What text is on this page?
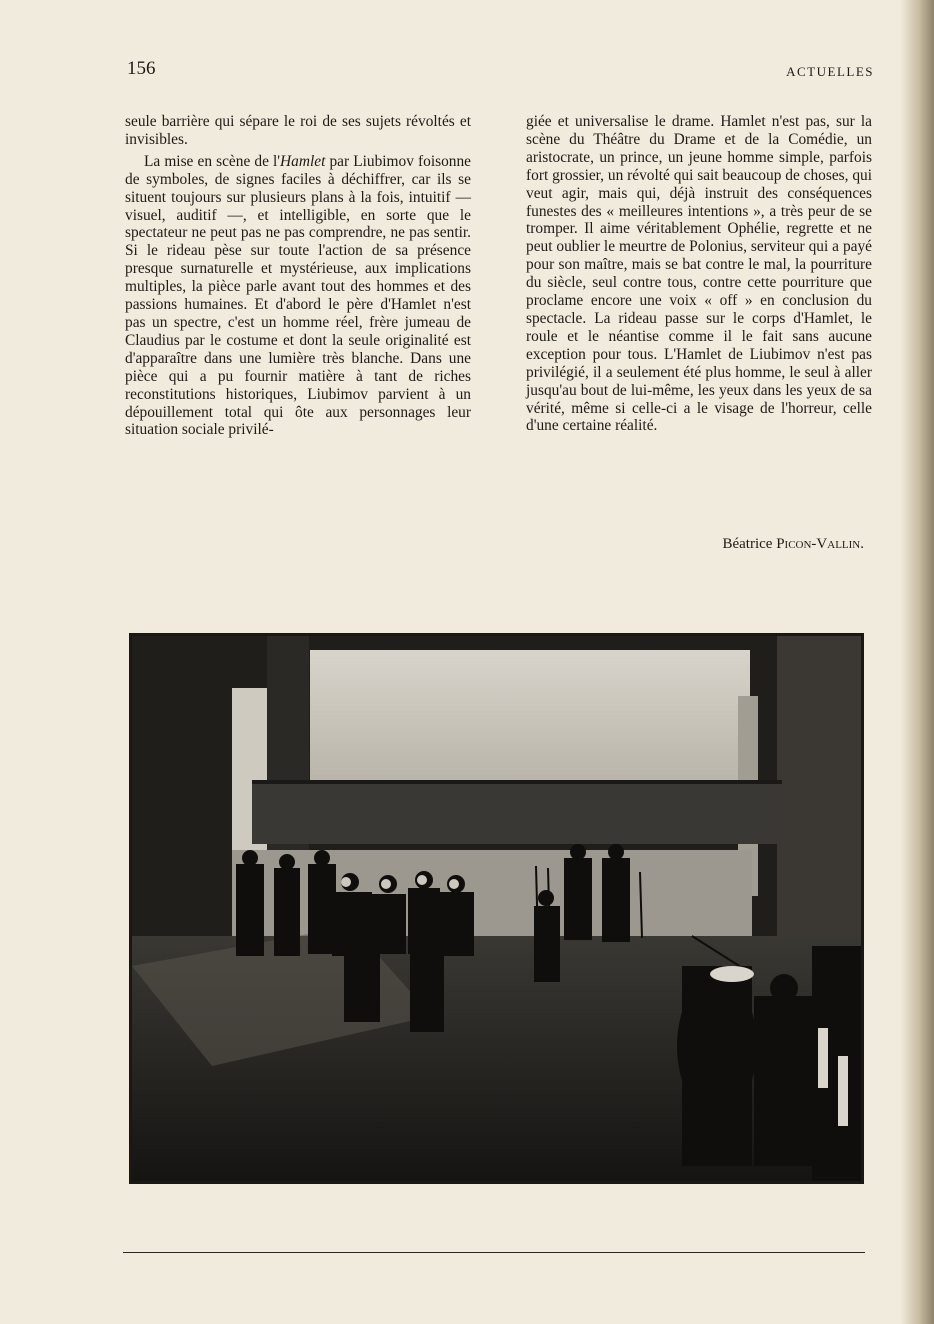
156	ACTUELLES

seule barrière qui sépare le roi de ses sujets révoltés et invisibles.

La mise en scène de l'Hamlet par Liubimov foisonne de symboles, de signes faciles à déchiffrer, car ils se situent toujours sur plusieurs plans à la fois, intuitif — visuel, auditif —, et intelligible, en sorte que le spectateur ne peut pas ne pas comprendre, ne pas sentir. Si le rideau pèse sur toute l'action de sa présence presque surnaturelle et mystérieuse, aux implications multiples, la pièce parle avant tout des hommes et des passions humaines. Et d'abord le père d'Hamlet n'est pas un spectre, c'est un homme réel, frère jumeau de Claudius par le costume et dont la seule originalité est d'apparaître dans une lumière très blanche. Dans une pièce qui a pu fournir matière à tant de riches reconstitutions historiques, Liubimov parvient à un dépouillement total qui ôte aux personnages leur situation sociale privilé-

giée et universalise le drame. Hamlet n'est pas, sur la scène du Théâtre du Drame et de la Comédie, un aristocrate, un prince, un jeune homme simple, parfois fort grossier, un révolté qui sait beaucoup de choses, qui veut agir, mais qui, déjà instruit des conséquences funestes des « meilleures intentions », a très peur de se tromper. Il aime véritablement Ophélie, regrette et ne peut oublier le meurtre de Polonius, serviteur qui a payé pour son maître, mais se bat contre le mal, la pourriture du siècle, seul contre tous, contre cette pourriture que proclame encore une voix « off » en conclusion du spectacle. La rideau passe sur le corps d'Hamlet, le roule et le néantise comme il le fait sans aucune exception pour tous. L'Hamlet de Liubimov n'est pas privilégié, il a seulement été plus homme, le seul à aller jusqu'au bout de lui-même, les yeux dans les yeux de sa vérité, même si celle-ci a le visage de l'horreur, celle d'une certaine réalité.

Béatrice Picon-Vallin.
